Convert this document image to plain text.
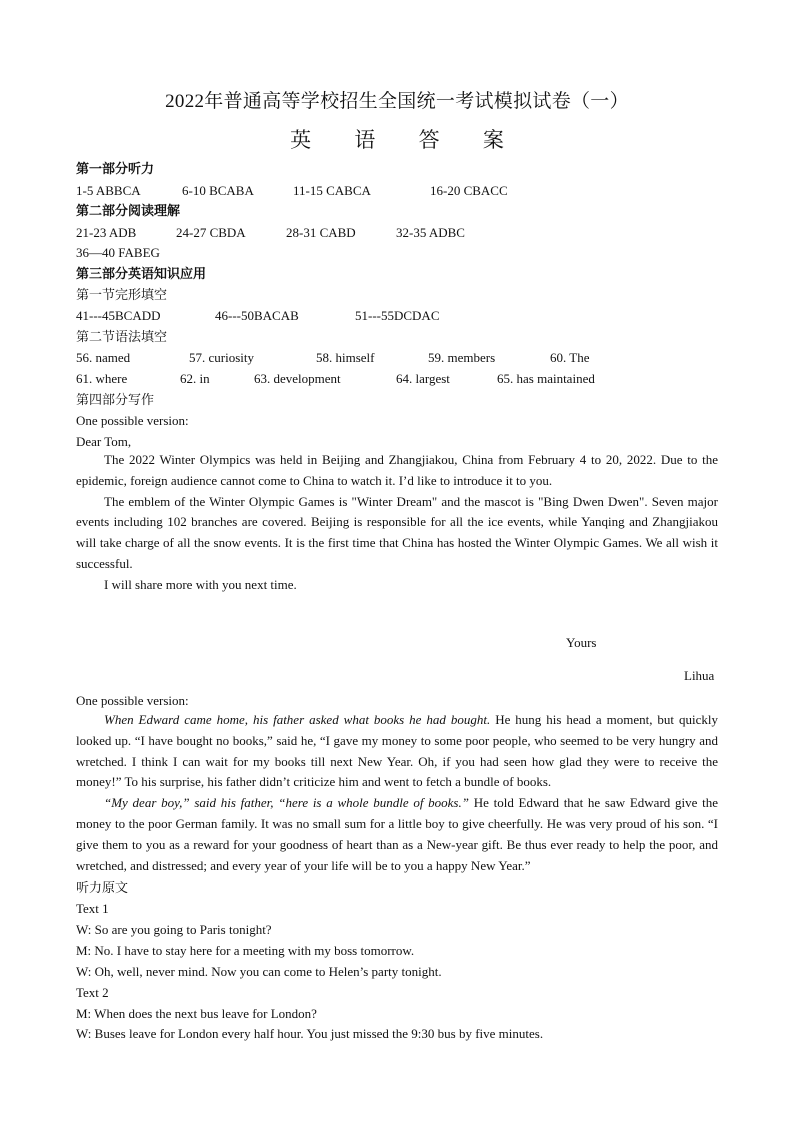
2022年普通高等学校招生全国统一考试模拟试卷（一）
英 语 答 案
第一部分听力
1-5 ABBCA	6-10 BCABA	11-15 CABCA	16-20 CBACC
第二部分阅读理解
21-23 ADB	24-27 CBDA	28-31 CABD	32-35 ADBC
36—40 FABEG
第三部分英语知识应用
第一节完形填空
41---45BCADD	46---50BACAB	51---55DCDAC
第二节语法填空
56. named	57. curiosity	58. himself	59. members	60. The
61. where	62. in	63. development	64. largest	65. has maintained
第四部分写作
One possible version:
Dear Tom,

The 2022 Winter Olympics was held in Beijing and Zhangjiakou, China from February 4 to 20, 2022. Due to the epidemic, foreign audience cannot come to China to watch it. I’d like to introduce it to you.

The emblem of the Winter Olympic Games is "Winter Dream" and the mascot is "Bing Dwen Dwen". Seven major events including 102 branches are covered. Beijing is responsible for all the ice events, while Yanqing and Zhangjiakou will take charge of all the snow events. It is the first time that China has hosted the Winter Olympic Games. We all wish it successful.

I will share more with you next time.

Yours
Lihua
One possible version:

When Edward came home, his father asked what books he had bought. He hung his head a moment, but quickly looked up. “I have bought no books,” said he, “I gave my money to some poor people, who seemed to be very hungry and wretched. I think I can wait for my books till next New Year. Oh, if you had seen how glad they were to receive the money!” To his surprise, his father didn’t criticize him and went to fetch a bundle of books.

“My dear boy,” said his father, “here is a whole bundle of books.” He told Edward that he saw Edward give the money to the poor German family. It was no small sum for a little boy to give cheerfully. He was very proud of his son. “I give them to you as a reward for your goodness of heart than as a New-year gift. Be thus ever ready to help the poor, and wretched, and distressed; and every year of your life will be to you a happy New Year.”

听力原文
Text 1
W: So are you going to Paris tonight?
M: No. I have to stay here for a meeting with my boss tomorrow.
W: Oh, well, never mind. Now you can come to Helen’s party tonight.
Text 2
M: When does the next bus leave for London?
W: Buses leave for London every half hour. You just missed the 9:30 bus by five minutes.
